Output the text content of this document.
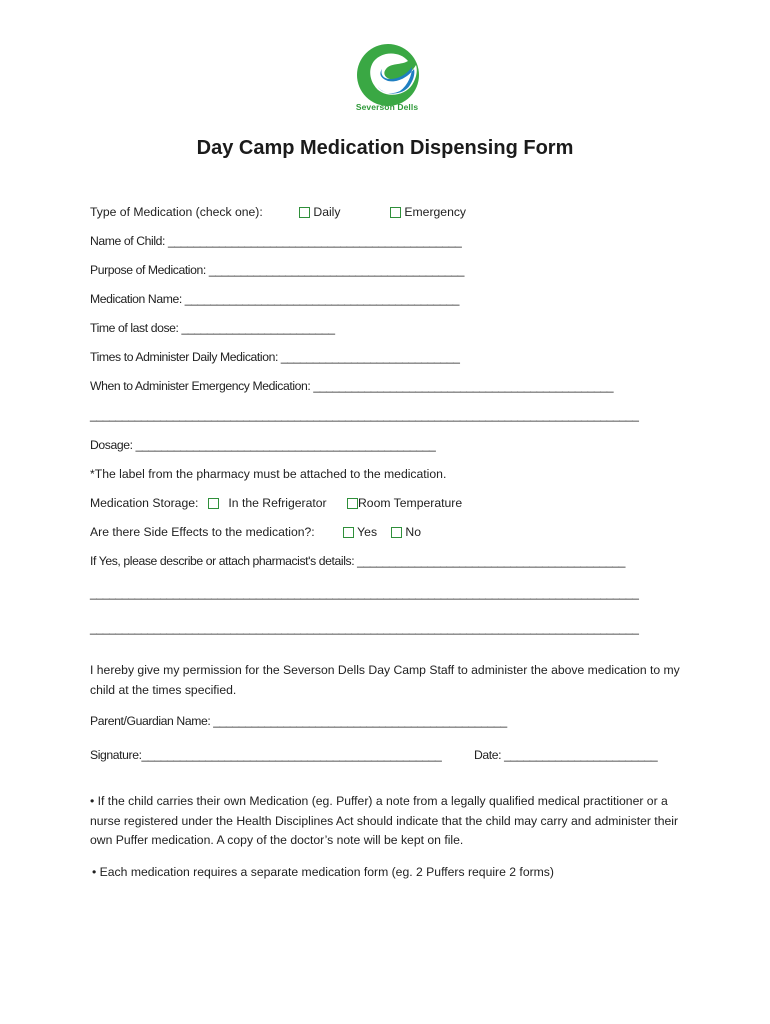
Severson Dells
Day Camp Medication Dispensing Form
Type of Medication (check one):	Daily	Emergency
Name of Child: ______________________________________________
Purpose of Medication: ________________________________________
Medication Name: ___________________________________________
Time of last dose: ________________________
Times to Administer Daily Medication: ____________________________
When to Administer Emergency Medication: _______________________________________________
______________________________________________________________________________________
Dosage: _______________________________________________
*The label from the pharmacy must be attached to the medication.
Medication Storage:	In the Refrigerator	Room Temperature
Are there Side Effects to the medication?:	Yes	No
If Yes, please describe or attach pharmacist's details: __________________________________________
______________________________________________________________________________________
______________________________________________________________________________________
I hereby give my permission for the Severson Dells Day Camp Staff to administer the above medication to my child at the times specified.
Parent/Guardian Name: ______________________________________________
Signature:_______________________________________________	Date: ________________________
• If the child carries their own Medication (eg. Puffer) a note from a legally qualified medical practitioner or a nurse registered under the Health Disciplines Act should indicate that the child may carry and administer their own Puffer medication. A copy of the doctor’s note will be kept on file.
• Each medication requires a separate medication form (eg. 2 Puffers require 2 forms)
